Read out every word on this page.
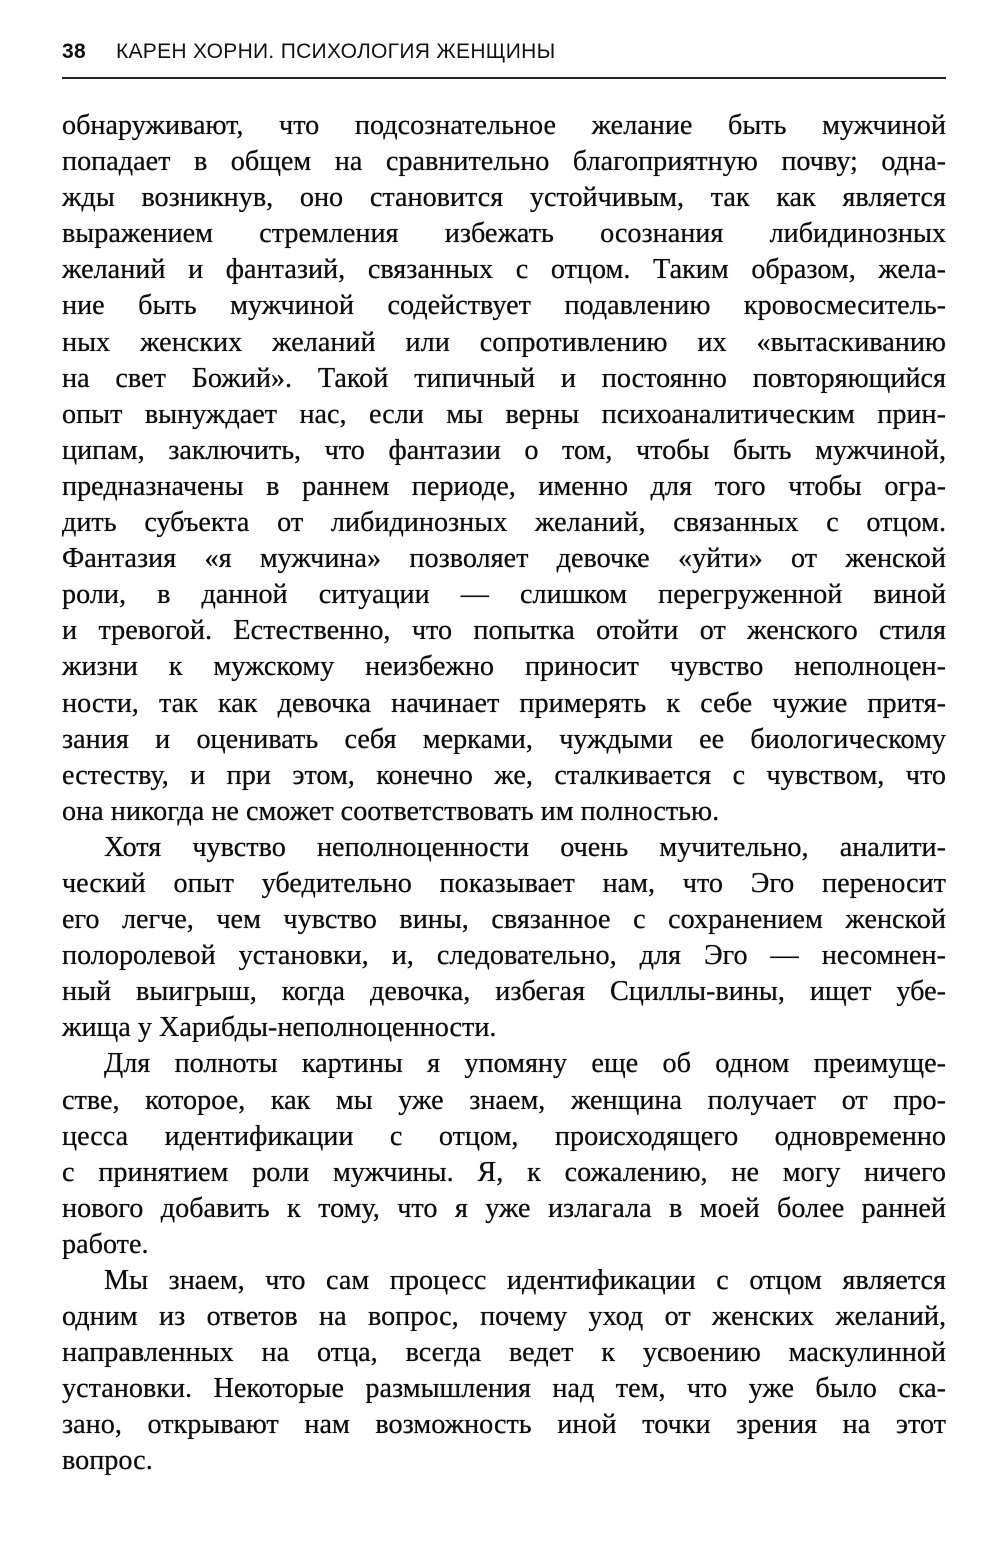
38 КАРЕН ХОРНИ. ПСИХОЛОГИЯ ЖЕНЩИНЫ
обнаруживают, что подсознательное желание быть мужчиной
попадает в общем на сравнительно благоприятную почву; одна-
жды возникнув, оно становится устойчивым, так как является
выражением стремления избежать осознания либидинозных
желаний и фантазий, связанных с отцом. Таким образом, жела-
ние быть мужчиной содействует подавлению кровосмеситель-
ных женских желаний или сопротивлению их «вытаскиванию
на свет Божий». Такой типичный и постоянно повторяющийся
опыт вынуждает нас, если мы верны психоаналитическим прин-
ципам, заключить, что фантазии о том, чтобы быть мужчиной,
предназначены в раннем периоде, именно для того чтобы огра-
дить субъекта от либидинозных желаний, связанных с отцом.
Фантазия «я мужчина» позволяет девочке «уйти» от женской
роли, в данной ситуации — слишком перегруженной виной
и тревогой. Естественно, что попытка отойти от женского стиля
жизни к мужскому неизбежно приносит чувство неполноцен-
ности, так как девочка начинает примерять к себе чужие притя-
зания и оценивать себя мерками, чуждыми ее биологическому
естеству, и при этом, конечно же, сталкивается с чувством, что
она никогда не сможет соответствовать им полностью.
Хотя чувство неполноценности очень мучительно, аналити-
ческий опыт убедительно показывает нам, что Эго переносит
его легче, чем чувство вины, связанное с сохранением женской
полоролевой установки, и, следовательно, для Эго — несомнен-
ный выигрыш, когда девочка, избегая Сциллы-вины, ищет убе-
жища у Харибды-неполноценности.
Для полноты картины я упомяну еще об одном преимуще-
стве, которое, как мы уже знаем, женщина получает от про-
цесса идентификации с отцом, происходящего одновременно
с принятием роли мужчины. Я, к сожалению, не могу ничего
нового добавить к тому, что я уже излагала в моей более ранней
работе.
Мы знаем, что сам процесс идентификации с отцом является
одним из ответов на вопрос, почему уход от женских желаний,
направленных на отца, всегда ведет к усвоению маскулинной
установки. Некоторые размышления над тем, что уже было ска-
зано, открывают нам возможность иной точки зрения на этот
вопрос.
